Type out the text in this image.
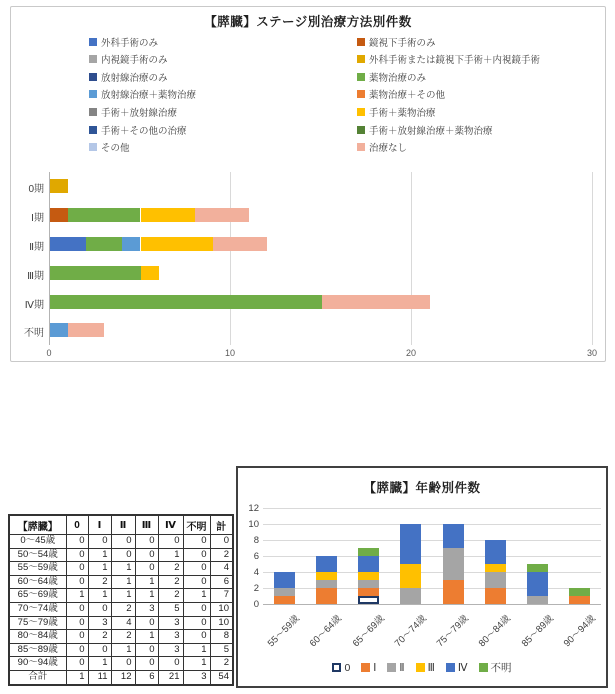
【膵臓】ステージ別治療方法別件数
外科手術のみ	鏡視下手術のみ
内視鏡手術のみ	外科手術または鏡視下手術＋内視鏡手術
放射線治療のみ	薬物治療のみ
放射線治療＋薬物治療	薬物治療＋その他
手術＋放射線治療	手術＋薬物治療
手術＋その他の治療	手術＋放射線治療＋薬物治療
その他	治療なし
0	10	20	30
0期
Ⅰ期
Ⅱ期
Ⅲ期
Ⅳ期
不明
【膵臓】	0	Ⅰ	Ⅱ	Ⅲ	Ⅳ	不明	計
0～45歳	0	0	0	0	0	0	0
50～54歳	0	1	0	0	1	0	2
55～59歳	0	1	1	0	2	0	4
60～64歳	0	2	1	1	2	0	6
65～69歳	1	1	1	1	2	1	7
70～74歳	0	0	2	3	5	0	10
75～79歳	0	3	4	0	3	0	10
80～84歳	0	2	2	1	3	0	8
85～89歳	0	0	1	0	3	1	5
90～94歳	0	1	0	0	0	1	2
合計	1	11	12	6	21	3	54
【膵臓】年齢別件数
0
2
4
6
8
10
12
55～59歳 60～64歳 65～69歳 70～74歳 75～79歳 80～84歳 85～89歳 90～94歳
0 Ⅰ Ⅱ Ⅲ Ⅳ 不明
